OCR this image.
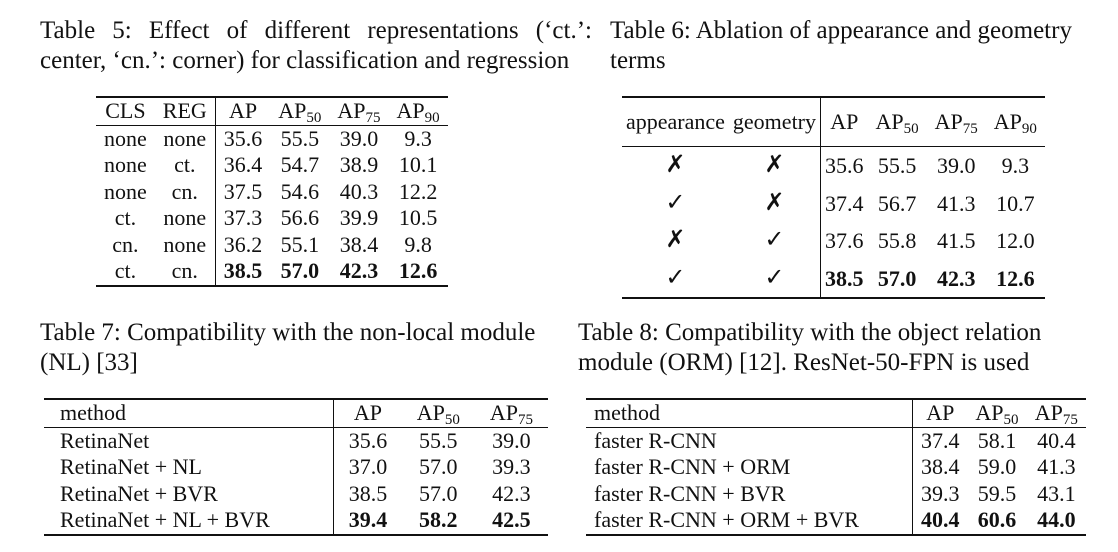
Table 5: Effect of different representations (‘ct.’: center, ‘cn.’: corner) for classification and regression

CLS	REG	AP	$AP_{50}$	$AP_{75}$	$AP_{90}$
none	none	35.6	55.5	39.0	9.3
none	ct.	36.4	54.7	38.9	10.1
none	cn.	37.5	54.6	40.3	12.2
ct.	none	37.3	56.6	39.9	10.5
cn.	none	36.2	55.1	38.4	9.8
ct.	cn.	38.5	57.0	42.3	12.6

Table 6: Ablation of appearance and geometry terms

appearance	geometry	AP	$AP_{50}$	$AP_{75}$	$AP_{90}$
✗	✗	35.6	55.5	39.0	9.3
✓	✗	37.4	56.7	41.3	10.7
✗	✓	37.6	55.8	41.5	12.0
✓	✓	38.5	57.0	42.3	12.6

Table 7: Compatibility with the non-local module (NL) [33]

method	AP	$AP_{50}$	$AP_{75}$
RetinaNet	35.6	55.5	39.0
RetinaNet + NL	37.0	57.0	39.3
RetinaNet + BVR	38.5	57.0	42.3
RetinaNet + NL + BVR	39.4	58.2	42.5

Table 8: Compatibility with the object relation module (ORM) [12]. ResNet-50-FPN is used

method	AP	$AP_{50}$	$AP_{75}$
faster R-CNN	37.4	58.1	40.4
faster R-CNN + ORM	38.4	59.0	41.3
faster R-CNN + BVR	39.3	59.5	43.1
faster R-CNN + ORM + BVR	40.4	60.6	44.0
